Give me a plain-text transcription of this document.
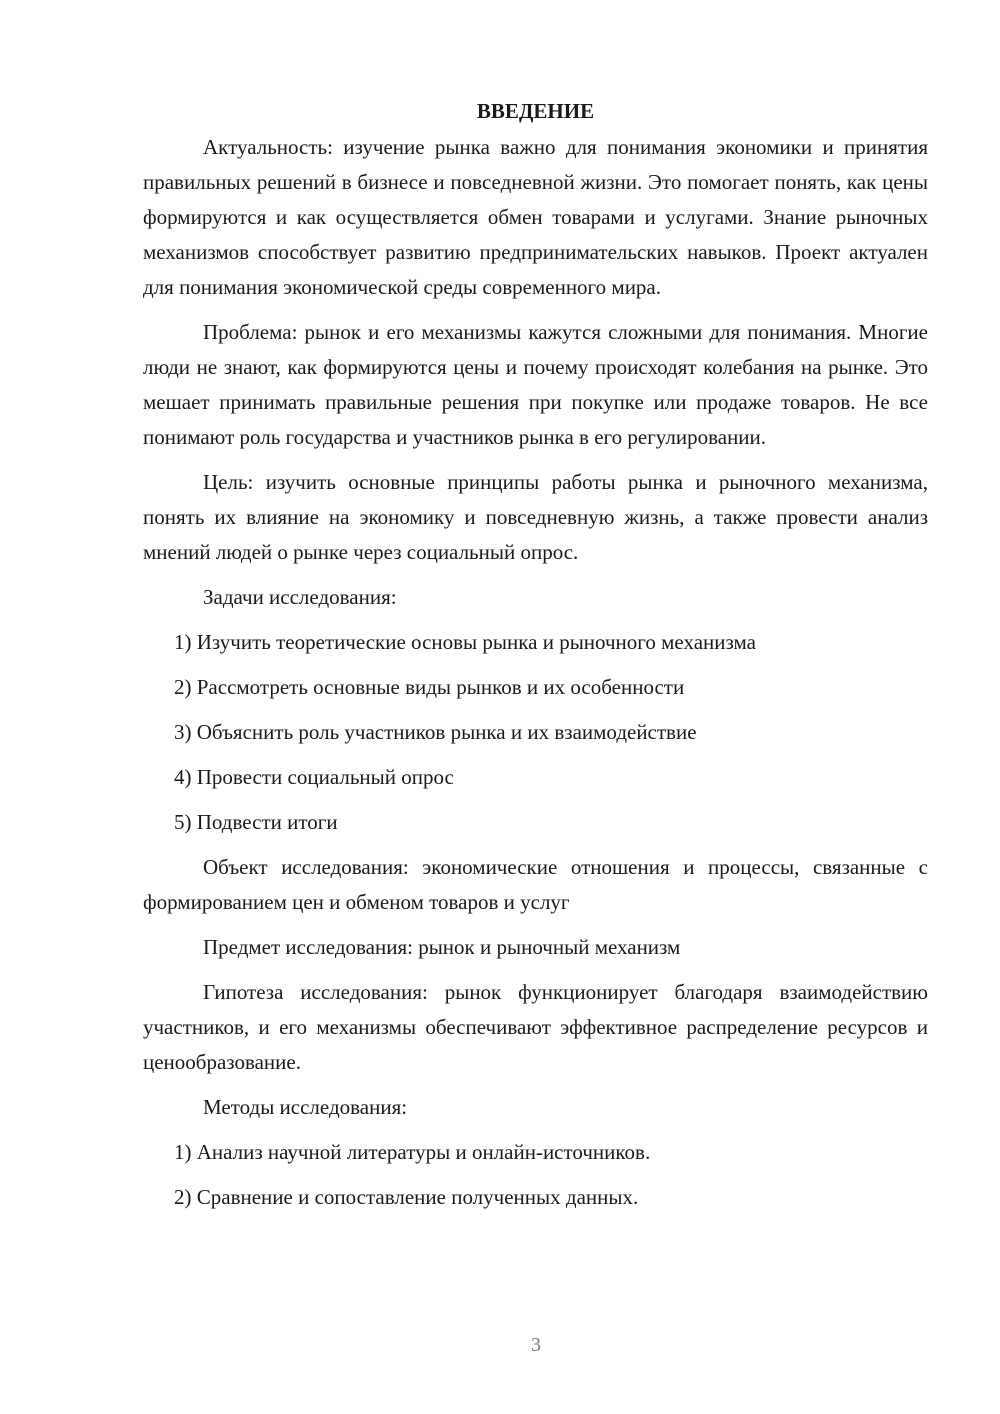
ВВЕДЕНИЕ

Актуальность: изучение рынка важно для понимания экономики и принятия правильных решений в бизнесе и повседневной жизни. Это помогает понять, как цены формируются и как осуществляется обмен товарами и услугами. Знание рыночных механизмов способствует развитию предпринимательских навыков. Проект актуален для понимания экономической среды современного мира.

Проблема: рынок и его механизмы кажутся сложными для понимания. Многие люди не знают, как формируются цены и почему происходят колебания на рынке. Это мешает принимать правильные решения при покупке или продаже товаров. Не все понимают роль государства и участников рынка в его регулировании.

Цель: изучить основные принципы работы рынка и рыночного механизма, понять их влияние на экономику и повседневную жизнь, а также провести анализ мнений людей о рынке через социальный опрос.

Задачи исследования:

1) Изучить теоретические основы рынка и рыночного механизма

2) Рассмотреть основные виды рынков и их особенности

3) Объяснить роль участников рынка и их взаимодействие

4) Провести социальный опрос

5) Подвести итоги

Объект исследования: экономические отношения и процессы, связанные с формированием цен и обменом товаров и услуг

Предмет исследования: рынок и рыночный механизм

Гипотеза исследования: рынок функционирует благодаря взаимодействию участников, и его механизмы обеспечивают эффективное распределение ресурсов и ценообразование.

Методы исследования:

1) Анализ научной литературы и онлайн-источников.

2) Сравнение и сопоставление полученных данных.

3
